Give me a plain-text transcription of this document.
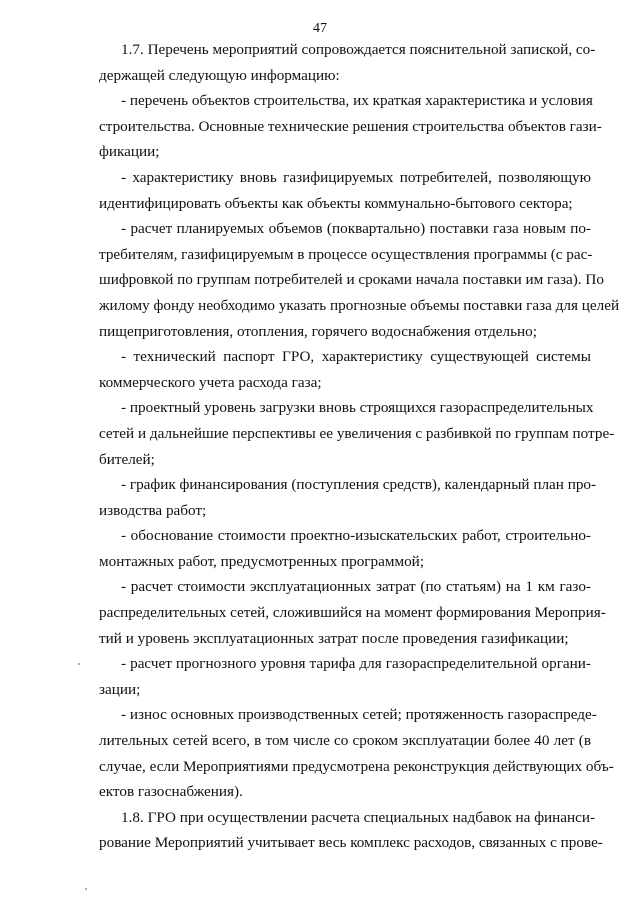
47
1.7. Перечень мероприятий сопровождается пояснительной запиской, со-
держащей следующую информацию:
- перечень объектов строительства, их краткая характеристика и условия
строительства. Основные технические решения строительства объектов гази-
фикации;
- характеристику вновь газифицируемых потребителей, позволяющую
идентифицировать объекты как объекты коммунально-бытового сектора;
- расчет планируемых объемов (поквартально) поставки газа новым по-
требителям, газифицируемым в процессе осуществления программы (с рас-
шифровкой по группам потребителей и сроками начала поставки им газа). По
жилому фонду необходимо указать прогнозные объемы поставки газа для целей
пищеприготовления, отопления, горячего водоснабжения отдельно;
- технический паспорт ГРО, характеристику существующей системы
коммерческого учета расхода газа;
- проектный уровень загрузки вновь строящихся газораспределительных
сетей и дальнейшие перспективы ее увеличения с разбивкой по группам потре-
бителей;
- график финансирования (поступления средств), календарный план про-
изводства работ;
- обоснование стоимости проектно-изыскательских работ, строительно-
монтажных работ, предусмотренных программой;
- расчет стоимости эксплуатационных затрат (по статьям) на 1 км газо-
распределительных сетей, сложившийся на момент формирования Мероприя-
тий и уровень эксплуатационных затрат после проведения газификации;
- расчет прогнозного уровня тарифа для газораспределительной органи-
зации;
- износ основных производственных сетей; протяженность газораспреде-
лительных сетей всего, в том числе со сроком эксплуатации более 40 лет (в
случае, если Мероприятиями предусмотрена реконструкция действующих объ-
ектов газоснабжения).
1.8. ГРО при осуществлении расчета специальных надбавок на финанси-
рование Мероприятий учитывает весь комплекс расходов, связанных с прове-
